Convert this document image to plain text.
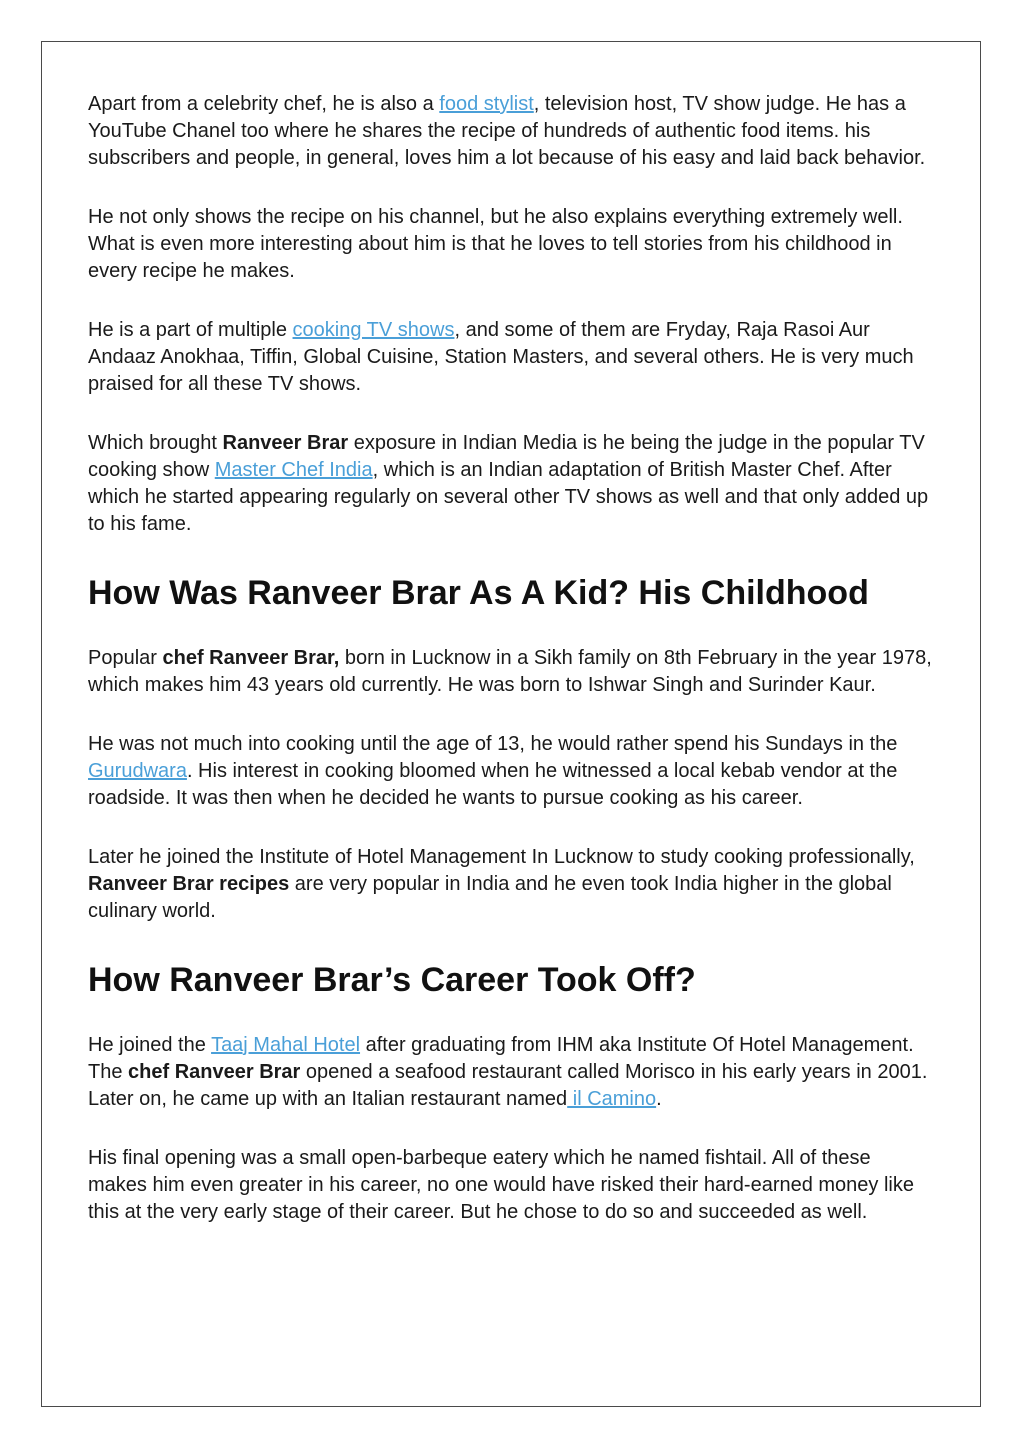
Apart from a celebrity chef, he is also a food stylist, television host, TV show judge. He has a YouTube Chanel too where he shares the recipe of hundreds of authentic food items. his subscribers and people, in general, loves him a lot because of his easy and laid back behavior.

He not only shows the recipe on his channel, but he also explains everything extremely well. What is even more interesting about him is that he loves to tell stories from his childhood in every recipe he makes.

He is a part of multiple cooking TV shows, and some of them are Fryday, Raja Rasoi Aur Andaaz Anokhaa, Tiffin, Global Cuisine, Station Masters, and several others. He is very much praised for all these TV shows.

Which brought Ranveer Brar exposure in Indian Media is he being the judge in the popular TV cooking show Master Chef India, which is an Indian adaptation of British Master Chef. After which he started appearing regularly on several other TV shows as well and that only added up to his fame.

How Was Ranveer Brar As A Kid? His Childhood

Popular chef Ranveer Brar, born in Lucknow in a Sikh family on 8th February in the year 1978, which makes him 43 years old currently. He was born to Ishwar Singh and Surinder Kaur.

He was not much into cooking until the age of 13, he would rather spend his Sundays in the Gurudwara. His interest in cooking bloomed when he witnessed a local kebab vendor at the roadside. It was then when he decided he wants to pursue cooking as his career.

Later he joined the Institute of Hotel Management In Lucknow to study cooking professionally, Ranveer Brar recipes are very popular in India and he even took India higher in the global culinary world.

How Ranveer Brar’s Career Took Off?

He joined the Taaj Mahal Hotel after graduating from IHM aka Institute Of Hotel Management. The chef Ranveer Brar opened a seafood restaurant called Morisco in his early years in 2001. Later on, he came up with an Italian restaurant named il Camino.

His final opening was a small open-barbeque eatery which he named fishtail. All of these makes him even greater in his career, no one would have risked their hard-earned money like this at the very early stage of their career. But he chose to do so and succeeded as well.
